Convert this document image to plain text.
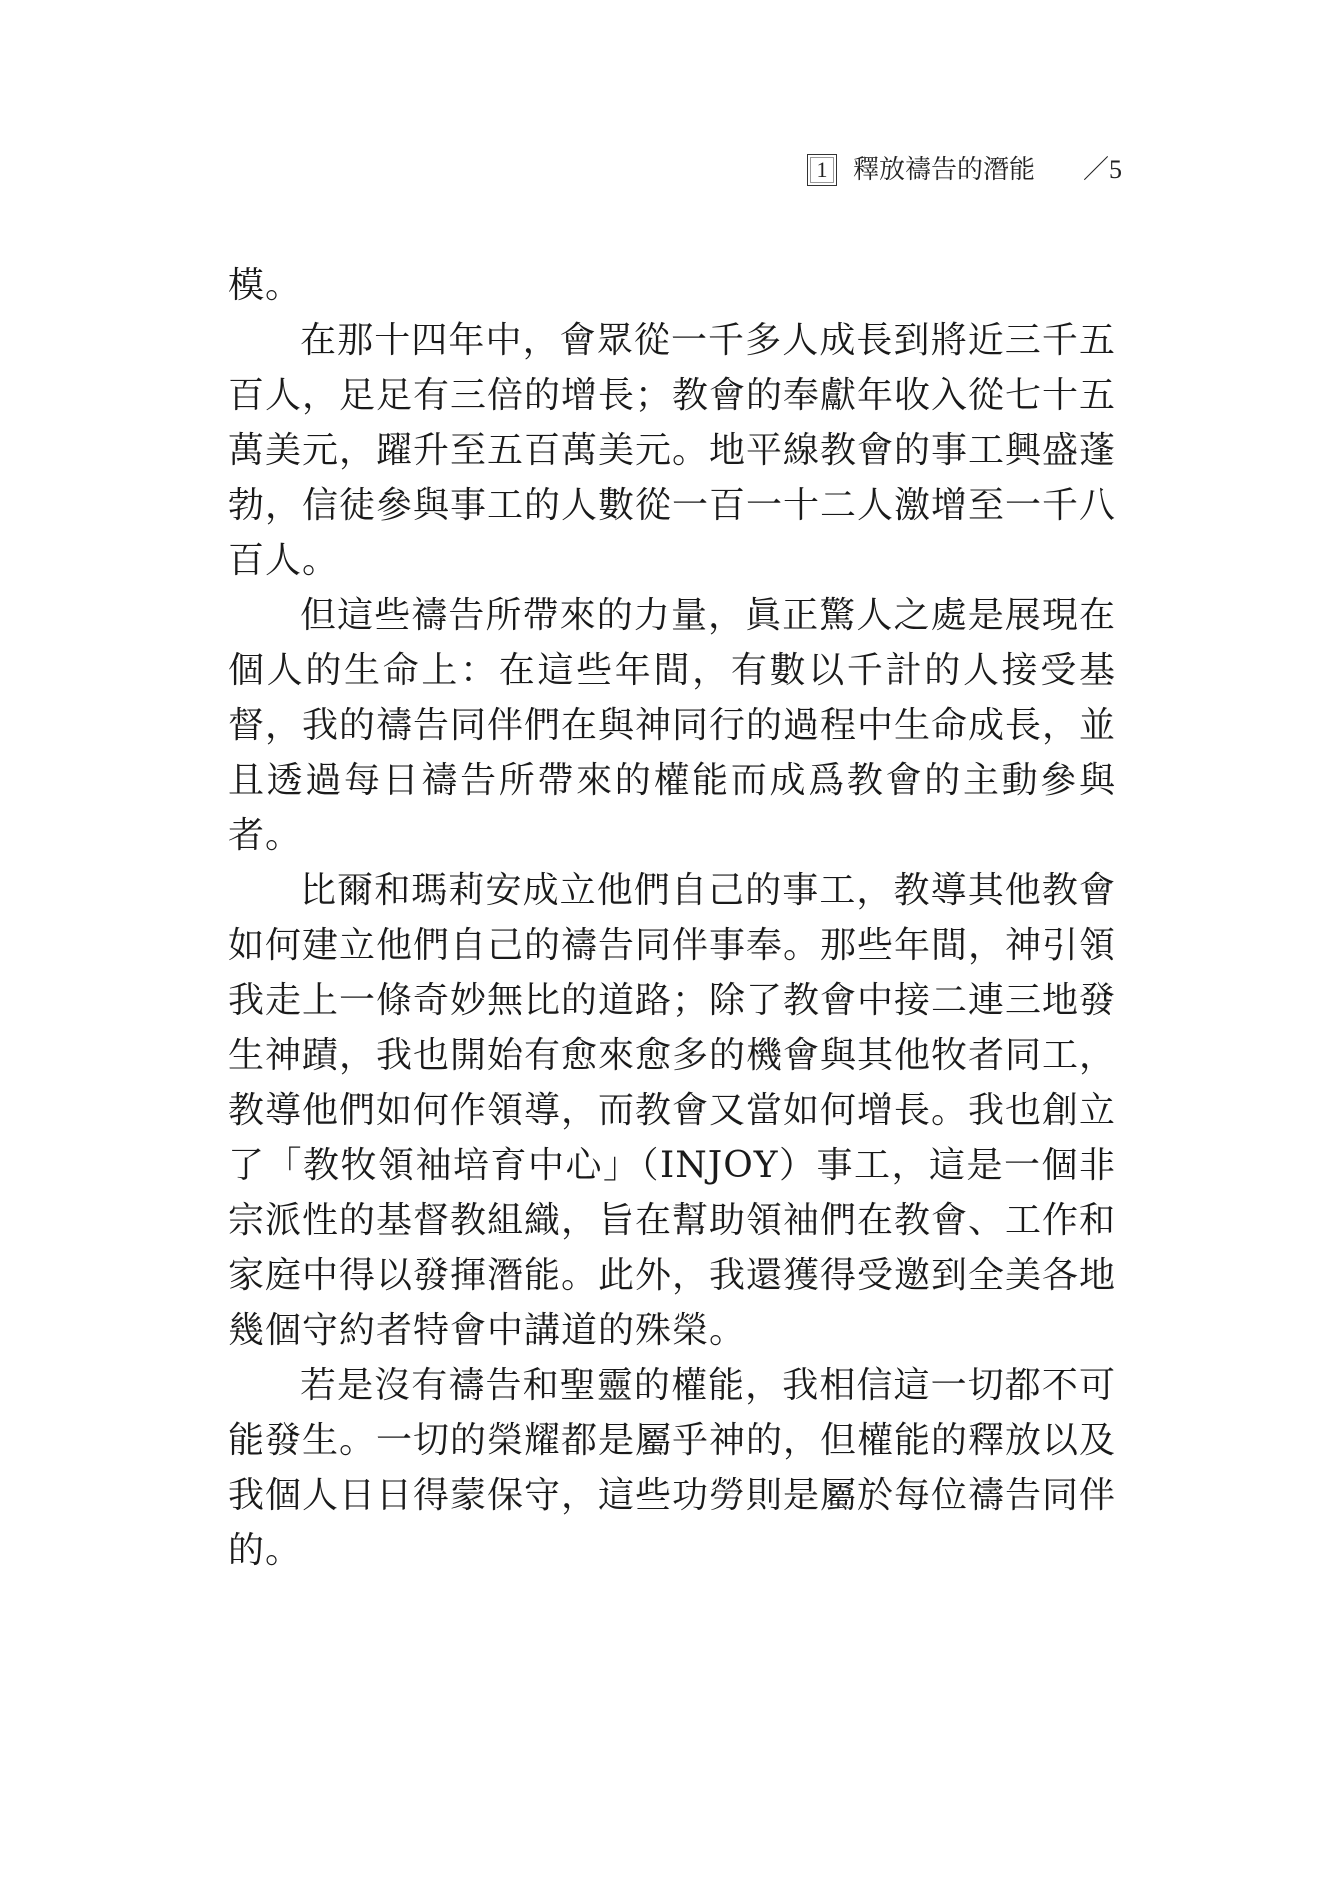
1 釋放禱告的潛能 ／5

模。

在那十四年中，會眾從一千多人成長到將近三千五百人，足足有三倍的增長；教會的奉獻年收入從七十五萬美元，躍升至五百萬美元。地平線教會的事工興盛蓬勃，信徒參與事工的人數從一百一十二人激增至一千八百人。

但這些禱告所帶來的力量，眞正驚人之處是展現在個人的生命上：在這些年間，有數以千計的人接受基督，我的禱告同伴們在與神同行的過程中生命成長，並且透過每日禱告所帶來的權能而成爲教會的主動參與者。

比爾和瑪莉安成立他們自己的事工，教導其他教會如何建立他們自己的禱告同伴事奉。那些年間，神引領我走上一條奇妙無比的道路；除了教會中接二連三地發生神蹟，我也開始有愈來愈多的機會與其他牧者同工，教導他們如何作領導，而教會又當如何增長。我也創立了「教牧領袖培育中心」（INJOY）事工，這是一個非宗派性的基督教組織，旨在幫助領袖們在教會、工作和家庭中得以發揮潛能。此外，我還獲得受邀到全美各地幾個守約者特會中講道的殊榮。

若是沒有禱告和聖靈的權能，我相信這一切都不可能發生。一切的榮耀都是屬乎神的，但權能的釋放以及我個人日日得蒙保守，這些功勞則是屬於每位禱告同伴的。
